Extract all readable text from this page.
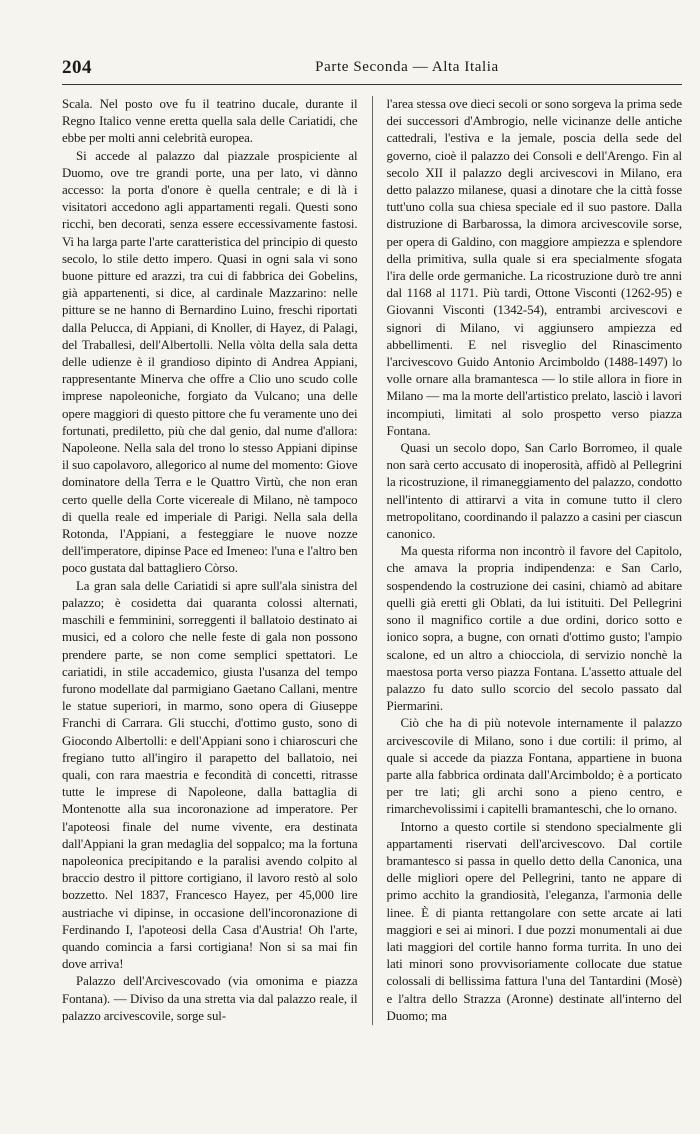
204	Parte Seconda — Alta Italia

Scala. Nel posto ove fu il teatrino ducale, durante il Regno Italico venne eretta quella sala delle Cariatidi, che ebbe per molti anni celebrità europea.

Si accede al palazzo dal piazzale prospiciente al Duomo, ove tre grandi porte, una per lato, vi dànno accesso: la porta d'onore è quella centrale; e di là i visitatori accedono agli appartamenti regali. Questi sono ricchi, ben decorati, senza essere eccessivamente fastosi. Vi ha larga parte l'arte caratteristica del principio di questo secolo, lo stile detto impero. Quasi in ogni sala vi sono buone pitture ed arazzi, tra cui di fabbrica dei Gobelins, già appartenenti, si dice, al cardinale Mazzarino: nelle pitture se ne hanno di Bernardino Luino, freschi riportati dalla Pelucca, di Appiani, di Knoller, di Hayez, di Palagi, del Traballesi, dell'Albertolli. Nella vòlta della sala detta delle udienze è il grandioso dipinto di Andrea Appiani, rappresentante Minerva che offre a Clio uno scudo colle imprese napoleoniche, forgiato da Vulcano; una delle opere maggiori di questo pittore che fu veramente uno dei fortunati, prediletto, più che dal genio, dal nume d'allora: Napoleone. Nella sala del trono lo stesso Appiani dipinse il suo capolavoro, allegorico al nume del momento: Giove dominatore della Terra e le Quattro Virtù, che non eran certo quelle della Corte vicereale di Milano, nè tampoco di quella reale ed imperiale di Parigi. Nella sala della Rotonda, l'Appiani, a festeggiare le nuove nozze dell'imperatore, dipinse Pace ed Imeneo: l'una e l'altro ben poco gustata dal battagliero Còrso.

La gran sala delle Cariatidi si apre sull'ala sinistra del palazzo; è cosidetta dai quaranta colossi alternati, maschili e femminini, sorreggenti il ballatoio destinato ai musici, ed a coloro che nelle feste di gala non possono prendere parte, se non come semplici spettatori. Le cariatidi, in stile accademico, giusta l'usanza del tempo furono modellate dal parmigiano Gaetano Callani, mentre le statue superiori, in marmo, sono opera di Giuseppe Franchi di Carrara. Gli stucchi, d'ottimo gusto, sono di Giocondo Albertolli: e dell'Appiani sono i chiaroscuri che fregiano tutto all'ingiro il parapetto del ballatoio, nei quali, con rara maestria e fecondità di concetti, ritrasse tutte le imprese di Napoleone, dalla battaglia di Montenotte alla sua incoronazione ad imperatore. Per l'apoteosi finale del nume vivente, era destinata dall'Appiani la gran medaglia del soppalco; ma la fortuna napoleonica precipitando e la paralisi avendo colpito al braccio destro il pittore cortigiano, il lavoro restò al solo bozzetto. Nel 1837, Francesco Hayez, per 45,000 lire austriache vi dipinse, in occasione dell'incoronazione di Ferdinando I, l'apoteosi della Casa d'Austria! Oh l'arte, quando comincia a farsi cortigiana! Non si sa mai fin dove arriva!

Palazzo dell'Arcivescovado (via omonima e piazza Fontana). — Diviso da una stretta via dal palazzo reale, il palazzo arcivescovile, sorge sul-

l'area stessa ove dieci secoli or sono sorgeva la prima sede dei successori d'Ambrogio, nelle vicinanze delle antiche cattedrali, l'estiva e la jemale, poscia della sede del governo, cioè il palazzo dei Consoli e dell'Arengo. Fin al secolo XII il palazzo degli arcivescovi in Milano, era detto palazzo milanese, quasi a dinotare che la città fosse tutt'uno colla sua chiesa speciale ed il suo pastore. Dalla distruzione di Barbarossa, la dimora arcivescovile sorse, per opera di Galdino, con maggiore ampiezza e splendore della primitiva, sulla quale si era specialmente sfogata l'ira delle orde germaniche. La ricostruzione durò tre anni dal 1168 al 1171. Più tardi, Ottone Visconti (1262-95) e Giovanni Visconti (1342-54), entrambi arcivescovi e signori di Milano, vi aggiunsero ampiezza ed abbellimenti. E nel risveglio del Rinascimento l'arcivescovo Guido Antonio Arcimboldo (1488-1497) lo volle ornare alla bramantesca — lo stile allora in fiore in Milano — ma la morte dell'artistico prelato, lasciò i lavori incompiuti, limitati al solo prospetto verso piazza Fontana.

Quasi un secolo dopo, San Carlo Borromeo, il quale non sarà certo accusato di inoperosità, affidò al Pellegrini la ricostruzione, il rimaneggiamento del palazzo, condotto nell'intento di attirarvi a vita in comune tutto il clero metropolitano, coordinando il palazzo a casini per ciascun canonico.

Ma questa riforma non incontrò il favore del Capitolo, che amava la propria indipendenza: e San Carlo, sospendendo la costruzione dei casini, chiamò ad abitare quelli già eretti gli Oblati, da lui istituiti. Del Pellegrini sono il magnifico cortile a due ordini, dorico sotto e ionico sopra, a bugne, con ornati d'ottimo gusto; l'ampio scalone, ed un altro a chiocciola, di servizio nonchè la maestosa porta verso piazza Fontana. L'assetto attuale del palazzo fu dato sullo scorcio del secolo passato dal Piermarini.

Ciò che ha di più notevole internamente il palazzo arcivescovile di Milano, sono i due cortili: il primo, al quale si accede da piazza Fontana, appartiene in buona parte alla fabbrica ordinata dall'Arcimboldo; è a porticato per tre lati; gli archi sono a pieno centro, e rimarchevolissimi i capitelli bramanteschi, che lo ornano.

Intorno a questo cortile si stendono specialmente gli appartamenti riservati dell'arcivescovo. Dal cortile bramantesco si passa in quello detto della Canonica, una delle migliori opere del Pellegrini, tanto ne appare di primo acchito la grandiosità, l'eleganza, l'armonia delle linee. È di pianta rettangolare con sette arcate ai lati maggiori e sei ai minori. I due pozzi monumentali ai due lati maggiori del cortile hanno forma turrita. In uno dei lati minori sono provvisoriamente collocate due statue colossali di bellissima fattura l'una del Tantardini (Mosè) e l'altra dello Strazza (Aronne) destinate all'interno del Duomo; ma
